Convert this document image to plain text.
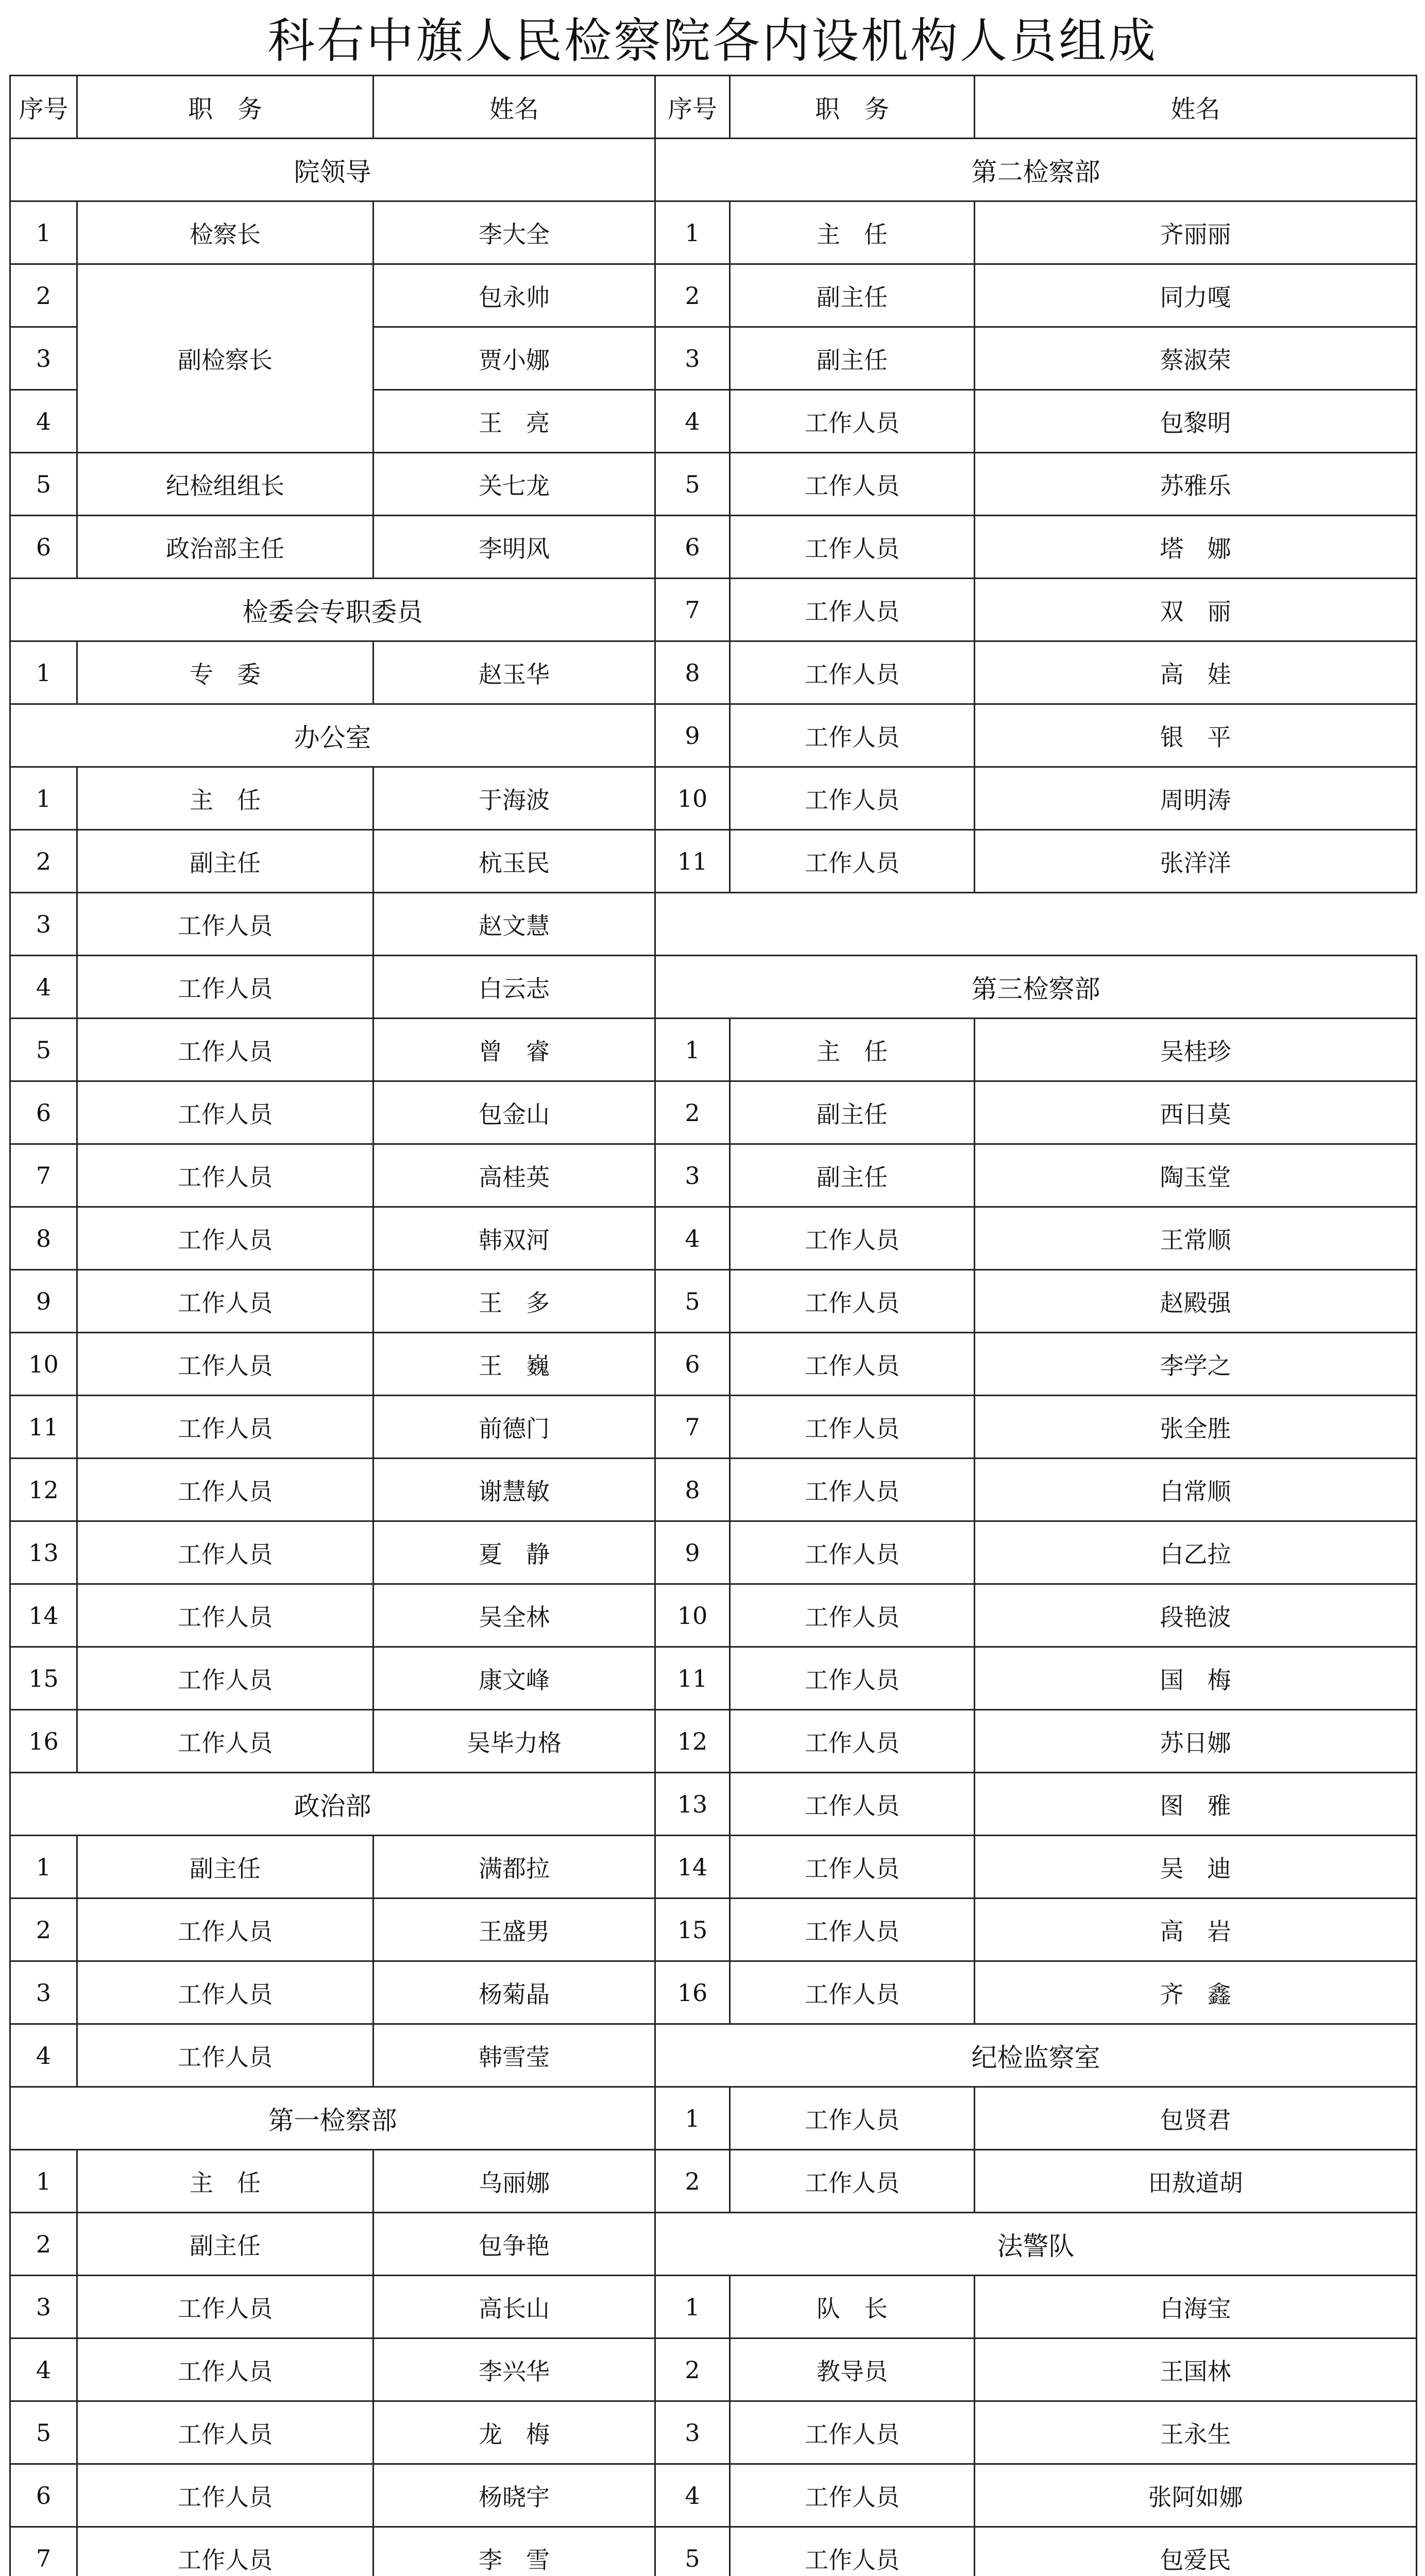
科右中旗人民检察院各内设机构人员组成
序号	职　务	姓名
院领导		
1	检察长	李大全
2	副检察长	包永帅
3		贾小娜
4		王　亮
5	纪检组组长	关七龙
6	政治部主任	李明风
检委会专职委员		
1	专　委	赵玉华
办公室		
1	主　任	于海波
2	副主任	杭玉民
3	工作人员	赵文慧
4	工作人员	白云志
5	工作人员	曾　睿
6	工作人员	包金山
7	工作人员	高桂英
8	工作人员	韩双河
9	工作人员	王　多
10	工作人员	王　巍
11	工作人员	前德门
12	工作人员	谢慧敏
13	工作人员	夏　静
14	工作人员	吴全林
15	工作人员	康文峰
16	工作人员	吴毕力格
政治部		
1	副主任	满都拉
2	工作人员	王盛男
3	工作人员	杨菊晶
4	工作人员	韩雪莹
第一检察部		
1	主　任	乌丽娜
2	副主任	包争艳
3	工作人员	高长山
4	工作人员	李兴华
5	工作人员	龙　梅
6	工作人员	杨晓宇
7	工作人员	李　雪

序号	职　务	姓名
第二检察部		
1	主　任	齐丽丽
2	副主任	同力嘎
3	副主任	蔡淑荣
4	工作人员	包黎明
5	工作人员	苏雅乐
6	工作人员	塔　娜
7	工作人员	双　丽
8	工作人员	高　娃
9	工作人员	银　平
10	工作人员	周明涛
11	工作人员	张洋洋

第三检察部		
1	主　任	吴桂珍
2	副主任	西日莫
3	副主任	陶玉堂
4	工作人员	王常顺
5	工作人员	赵殿强
6	工作人员	李学之
7	工作人员	张全胜
8	工作人员	白常顺
9	工作人员	白乙拉
10	工作人员	段艳波
11	工作人员	国　梅
12	工作人员	苏日娜
13	工作人员	图　雅
14	工作人员	吴　迪
15	工作人员	高　岩
16	工作人员	齐　鑫
纪检监察室		
1	工作人员	包贤君
2	工作人员	田敖道胡
法警队		
1	队　长	白海宝
2	教导员	王国林
3	工作人员	王永生
4	工作人员	张阿如娜
5	工作人员	包爱民
